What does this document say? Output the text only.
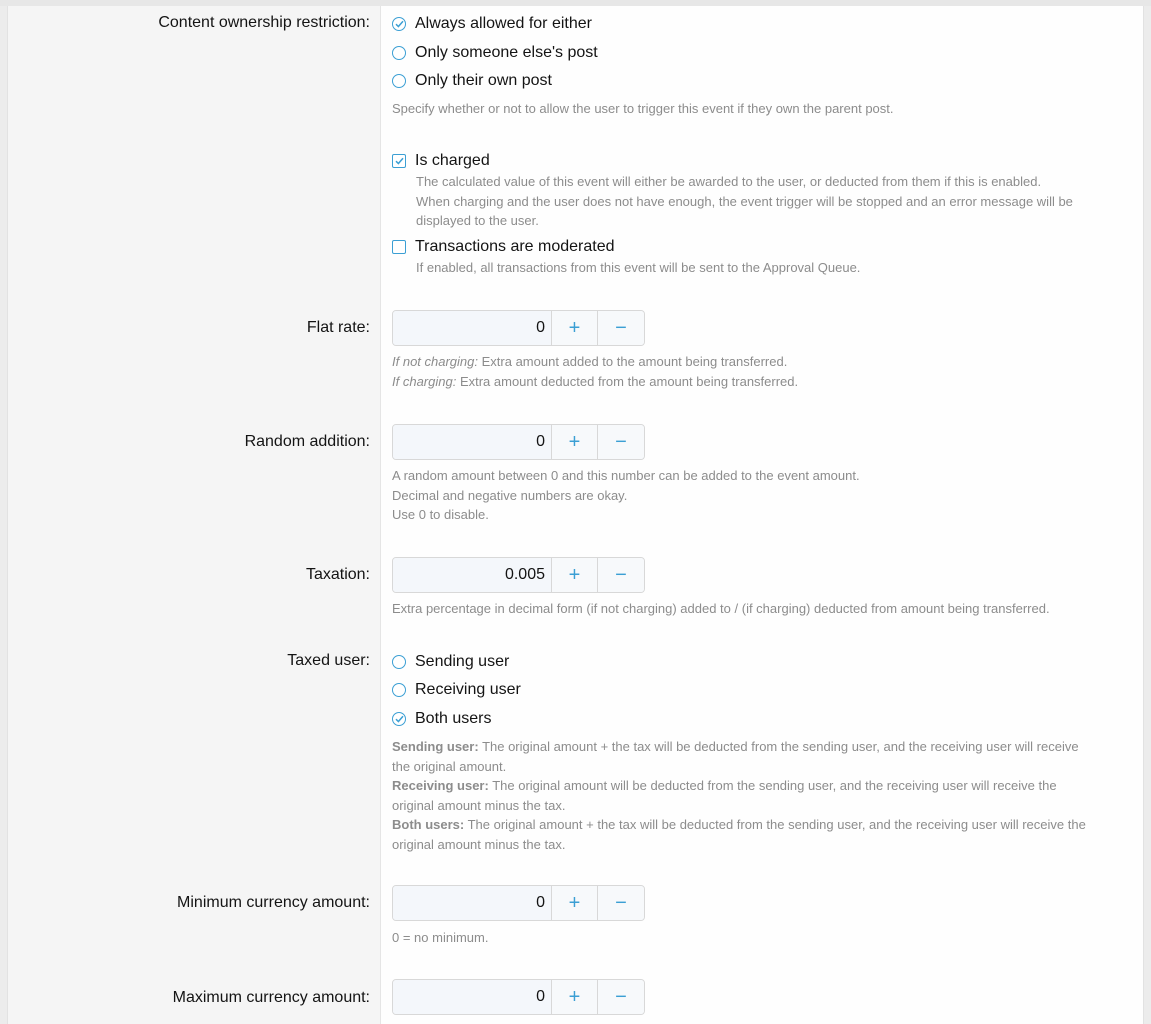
Content ownership restriction:	Always allowed for either
Only someone else's post
Only their own post
Specify whether or not to allow the user to trigger this event if they own the parent post.
Is charged
The calculated value of this event will either be awarded to the user, or deducted from them if this is enabled.
When charging and the user does not have enough, the event trigger will be stopped and an error message will be
displayed to the user.
Transactions are moderated
If enabled, all transactions from this event will be sent to the Approval Queue.
Flat rate:
0	+	−
If not charging: Extra amount added to the amount being transferred.
If charging: Extra amount deducted from the amount being transferred.
Random addition:
0	+	−
A random amount between 0 and this number can be added to the event amount.
Decimal and negative numbers are okay.
Use 0 to disable.
Taxation:
0.005	+	−
Extra percentage in decimal form (if not charging) added to / (if charging) deducted from amount being transferred.
Taxed user:	Sending user
Receiving user
Both users
Sending user: The original amount + the tax will be deducted from the sending user, and the receiving user will receive
the original amount.
Receiving user: The original amount will be deducted from the sending user, and the receiving user will receive the
original amount minus the tax.
Both users: The original amount + the tax will be deducted from the sending user, and the receiving user will receive the
original amount minus the tax.
Minimum currency amount:
0	+	−
0 = no minimum.
Maximum currency amount:
0	+	−
